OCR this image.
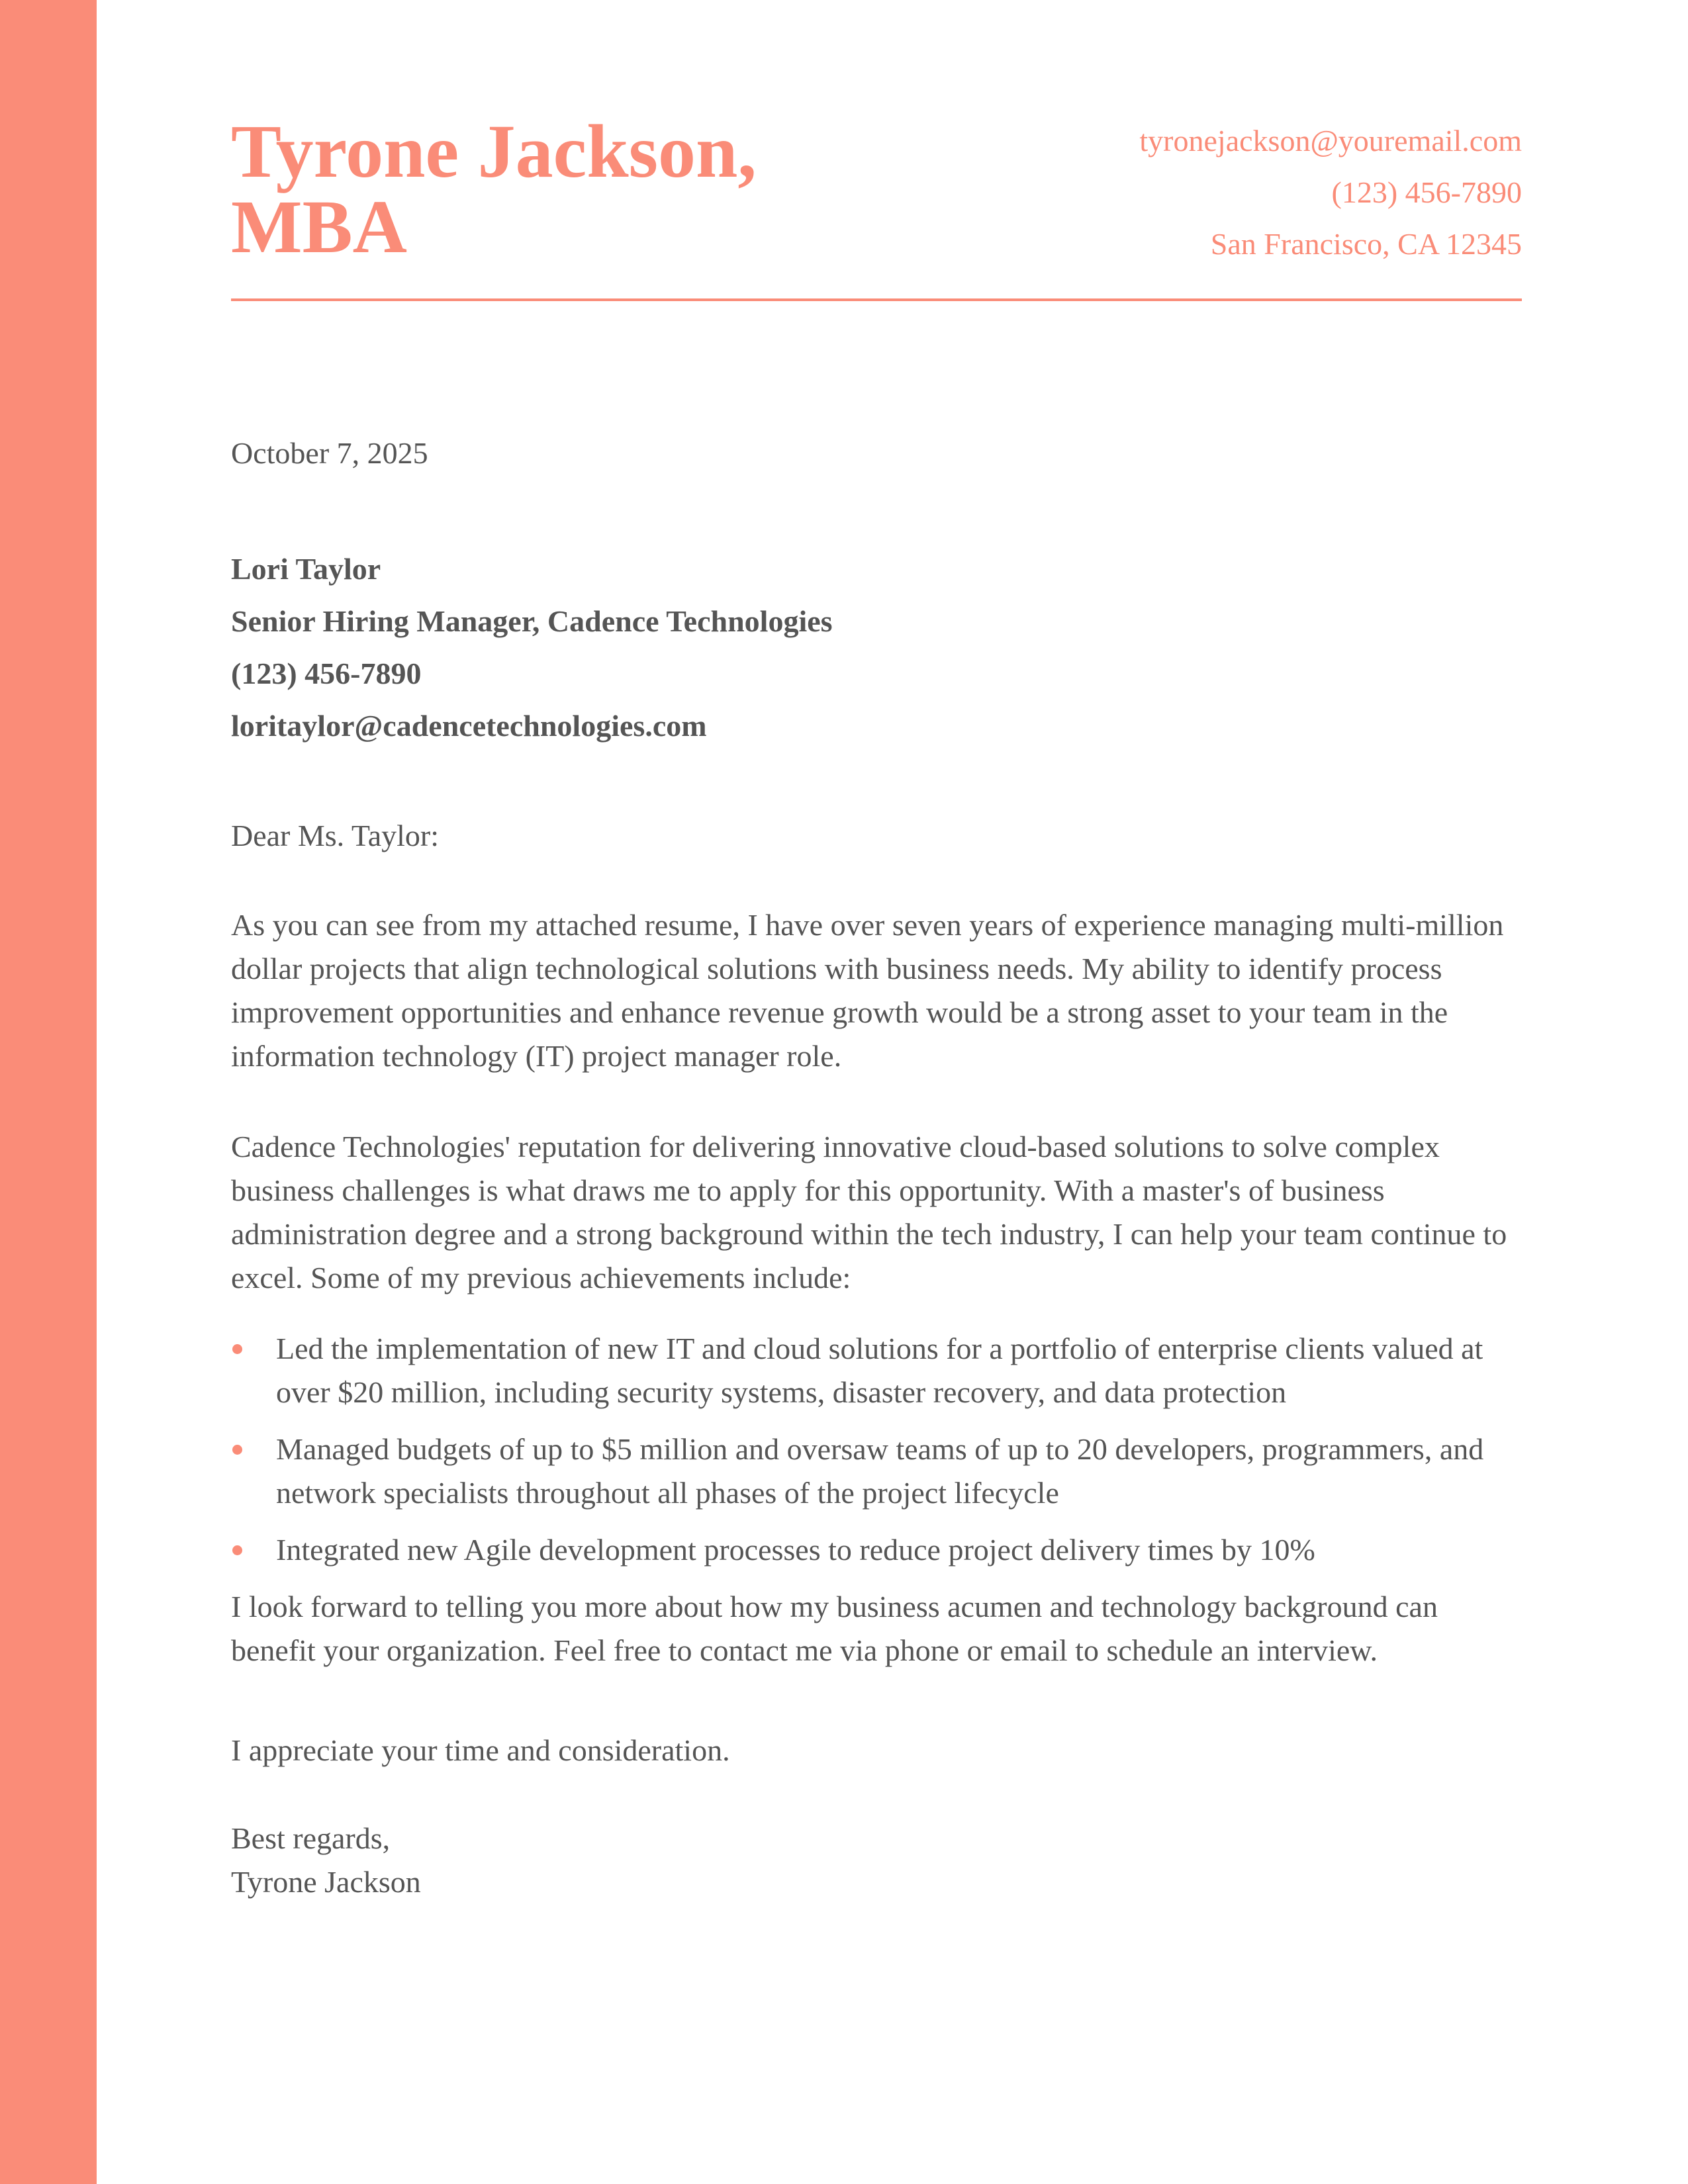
Tyrone Jackson,
MBA
tyronejackson@youremail.com
(123) 456-7890
San Francisco, CA 12345
October 7, 2025
Lori Taylor
Senior Hiring Manager, Cadence Technologies
(123) 456-7890
loritaylor@cadencetechnologies.com
Dear Ms. Taylor:
As you can see from my attached resume, I have over seven years of experience managing multi-million dollar projects that align technological solutions with business needs. My ability to identify process improvement opportunities and enhance revenue growth would be a strong asset to your team in the information technology (IT) project manager role.
Cadence Technologies' reputation for delivering innovative cloud-based solutions to solve complex business challenges is what draws me to apply for this opportunity. With a master's of business administration degree and a strong background within the tech industry, I can help your team continue to excel. Some of my previous achievements include:
Led the implementation of new IT and cloud solutions for a portfolio of enterprise clients valued at over $20 million, including security systems, disaster recovery, and data protection
Managed budgets of up to $5 million and oversaw teams of up to 20 developers, programmers, and network specialists throughout all phases of the project lifecycle
Integrated new Agile development processes to reduce project delivery times by 10%
I look forward to telling you more about how my business acumen and technology background can benefit your organization. Feel free to contact me via phone or email to schedule an interview.
I appreciate your time and consideration.
Best regards,
Tyrone Jackson
